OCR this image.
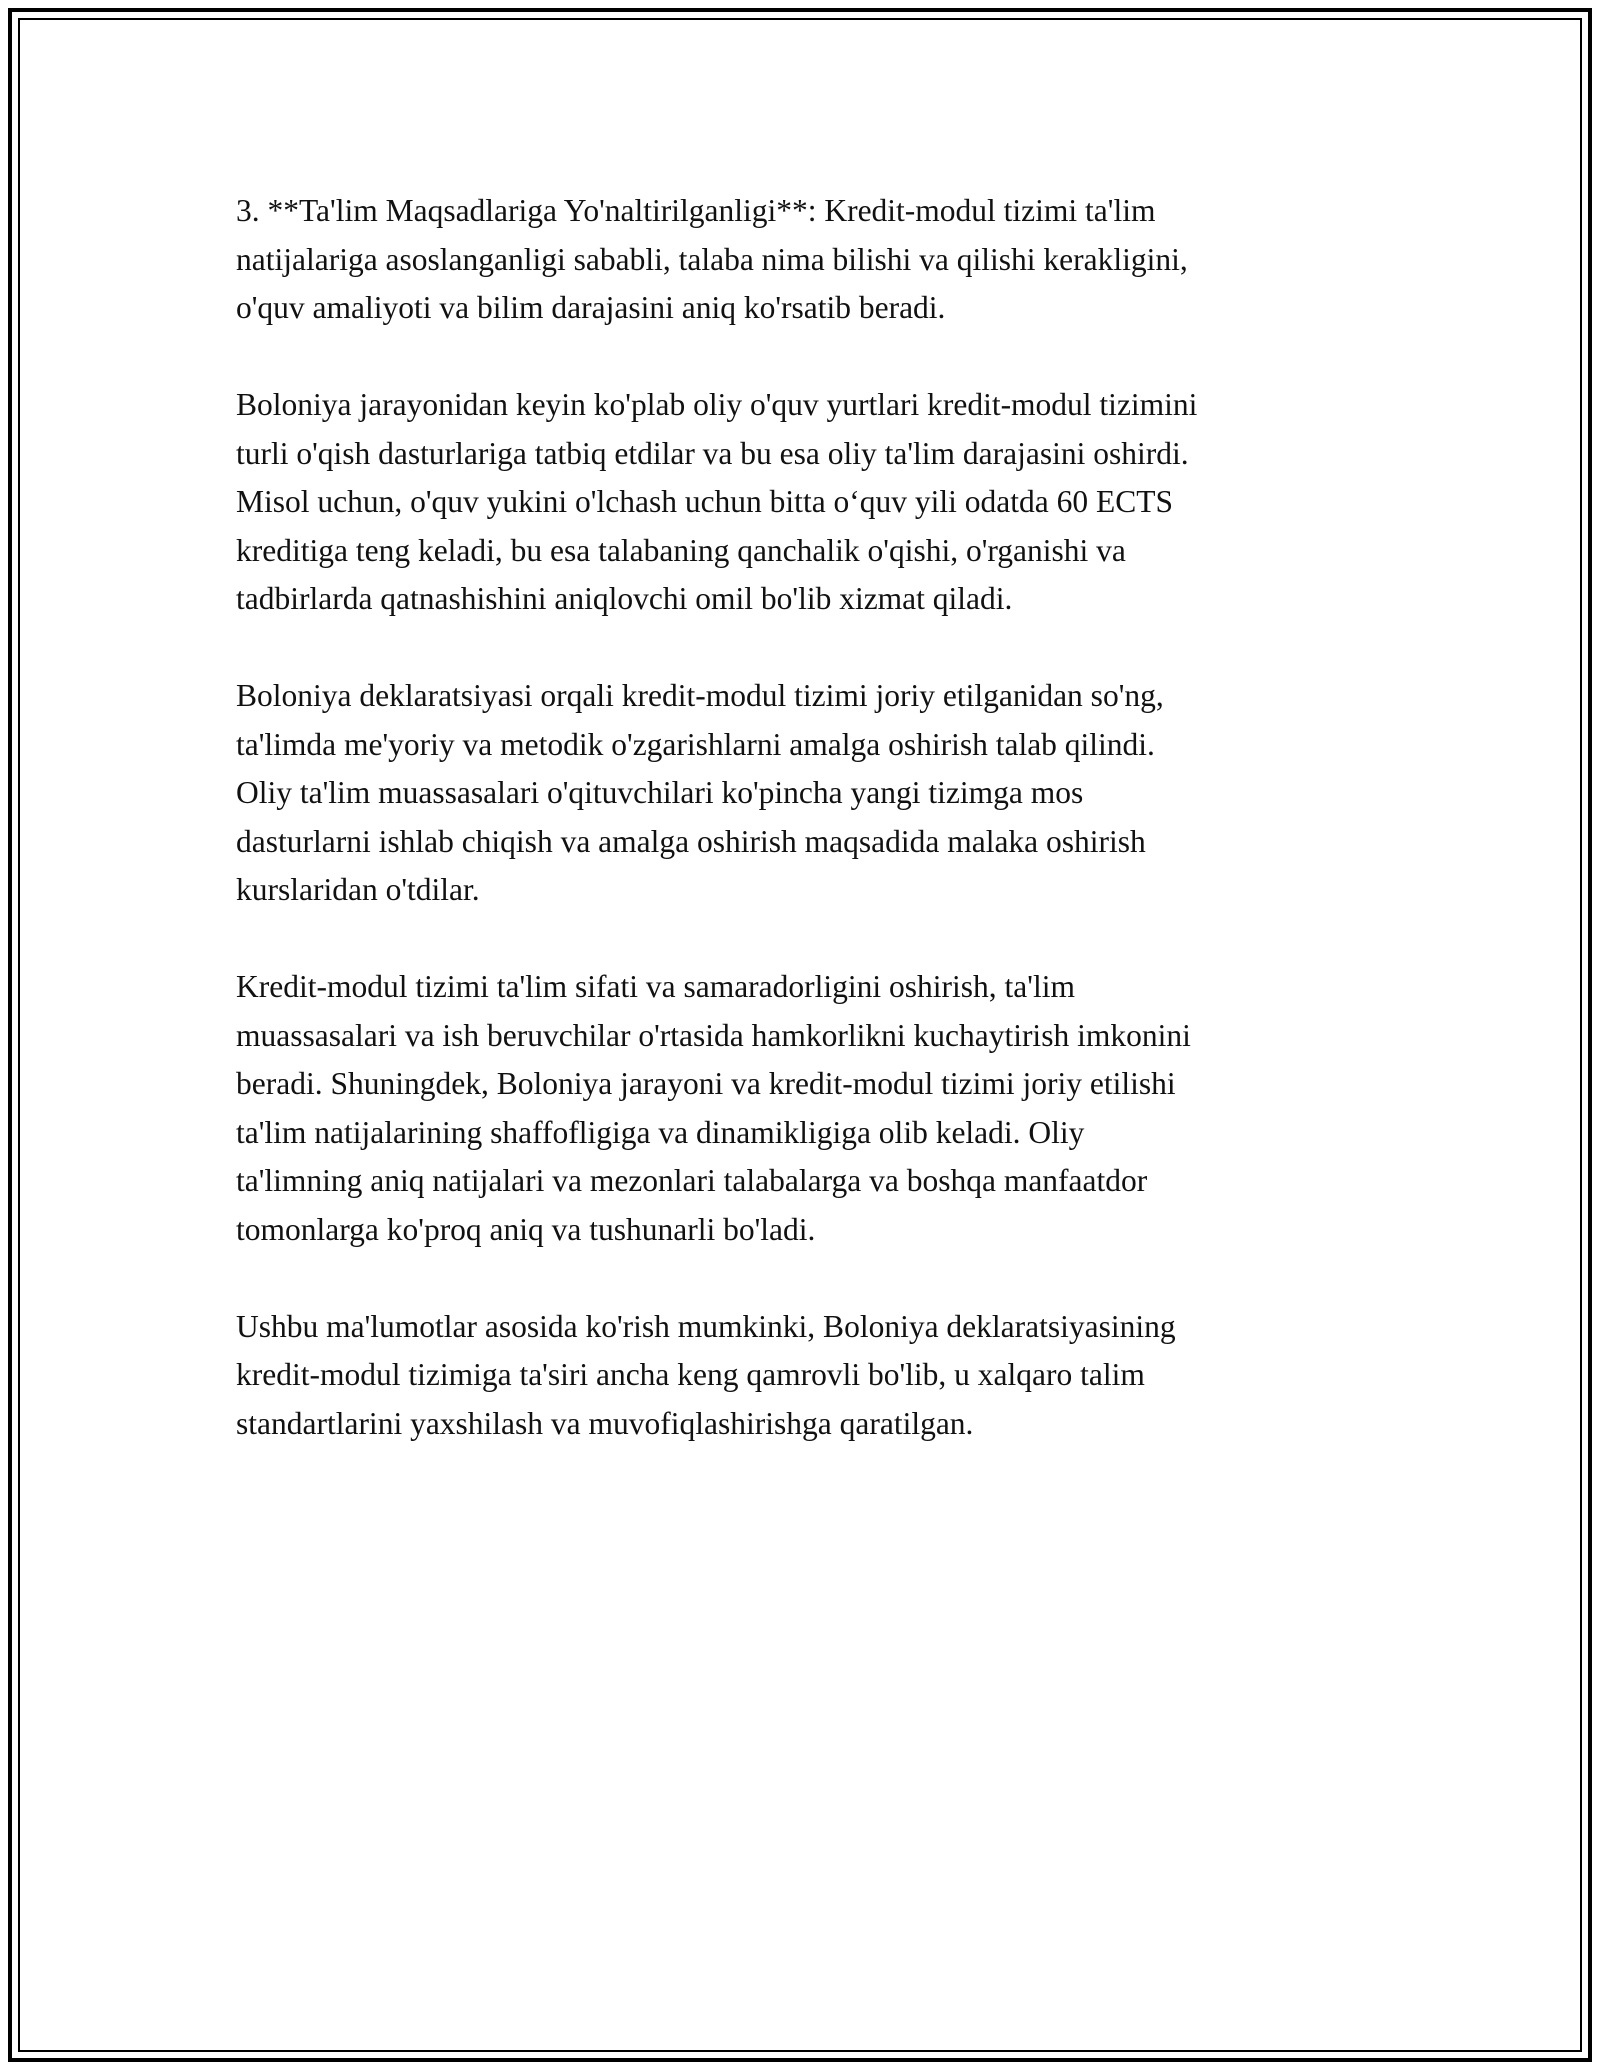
3. **Ta'lim Maqsadlariga Yo'naltirilganligi**: Kredit-modul tizimi ta'lim
natijalariga asoslanganligi sababli, talaba nima bilishi va qilishi kerakligini,
o'quv amaliyoti va bilim darajasini aniq ko'rsatib beradi.

Boloniya jarayonidan keyin ko'plab oliy o'quv yurtlari kredit-modul tizimini
turli o'qish dasturlariga tatbiq etdilar va bu esa oliy ta'lim darajasini oshirdi.
Misol uchun, o'quv yukini o'lchash uchun bitta o‘quv yili odatda 60 ECTS
kreditiga teng keladi, bu esa talabaning qanchalik o'qishi, o'rganishi va
tadbirlarda qatnashishini aniqlovchi omil bo'lib xizmat qiladi.

Boloniya deklaratsiyasi orqali kredit-modul tizimi joriy etilganidan so'ng,
ta'limda me'yoriy va metodik o'zgarishlarni amalga oshirish talab qilindi.
Oliy ta'lim muassasalari o'qituvchilari ko'pincha yangi tizimga mos
dasturlarni ishlab chiqish va amalga oshirish maqsadida malaka oshirish
kurslaridan o'tdilar.

Kredit-modul tizimi ta'lim sifati va samaradorligini oshirish, ta'lim
muassasalari va ish beruvchilar o'rtasida hamkorlikni kuchaytirish imkonini
beradi. Shuningdek, Boloniya jarayoni va kredit-modul tizimi joriy etilishi
ta'lim natijalarining shaffofligiga va dinamikligiga olib keladi. Oliy
ta'limning aniq natijalari va mezonlari talabalarga va boshqa manfaatdor
tomonlarga ko'proq aniq va tushunarli bo'ladi.

Ushbu ma'lumotlar asosida ko'rish mumkinki, Boloniya deklaratsiyasining
kredit-modul tizimiga ta'siri ancha keng qamrovli bo'lib, u xalqaro talim
standartlarini yaxshilash va muvofiqlashirishga qaratilgan.
